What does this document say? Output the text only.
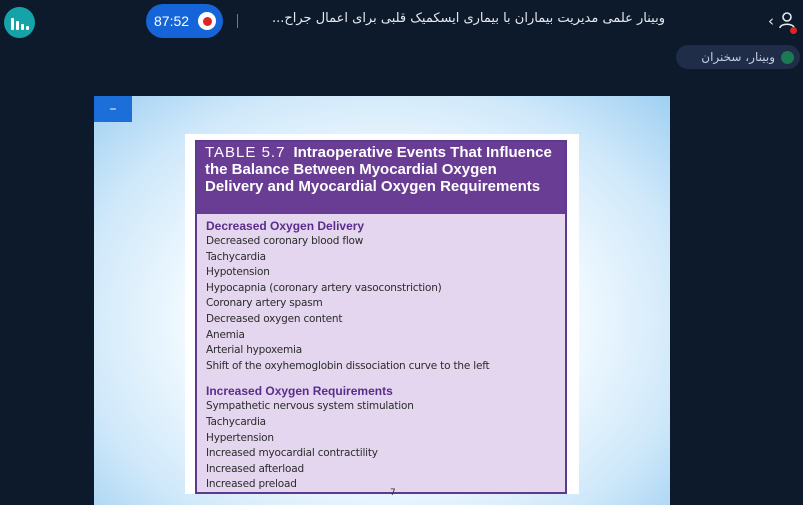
87:52	وبینار علمی مدیریت بیماران با بیماری ایسکمیک قلبی برای اعمال جراح...	‹
وبینار، سخنران
–
TABLE 5.7 Intraoperative Events That Influence the Balance Between Myocardial Oxygen Delivery and Myocardial Oxygen Requirements
Decreased Oxygen Delivery
Decreased coronary blood flow
Tachycardia
Hypotension
Hypocapnia (coronary artery vasoconstriction)
Coronary artery spasm
Decreased oxygen content
Anemia
Arterial hypoxemia
Shift of the oxyhemoglobin dissociation curve to the left
Increased Oxygen Requirements
Sympathetic nervous system stimulation
Tachycardia
Hypertension
Increased myocardial contractility
Increased afterload
Increased preload
7
